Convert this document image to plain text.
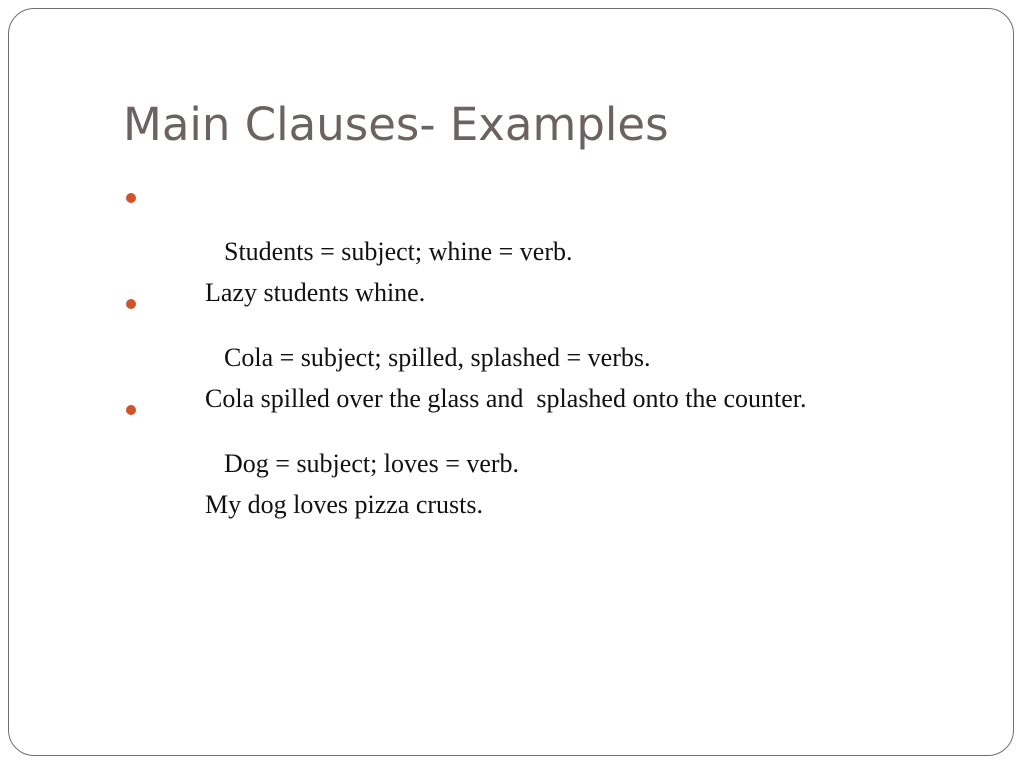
Main Clauses- Examples

Lazy students whine.

Students = subject; whine = verb.

Cola spilled over the glass and  splashed onto the counter.

Cola = subject; spilled, splashed = verbs.

My dog loves pizza crusts.

Dog = subject; loves = verb.
